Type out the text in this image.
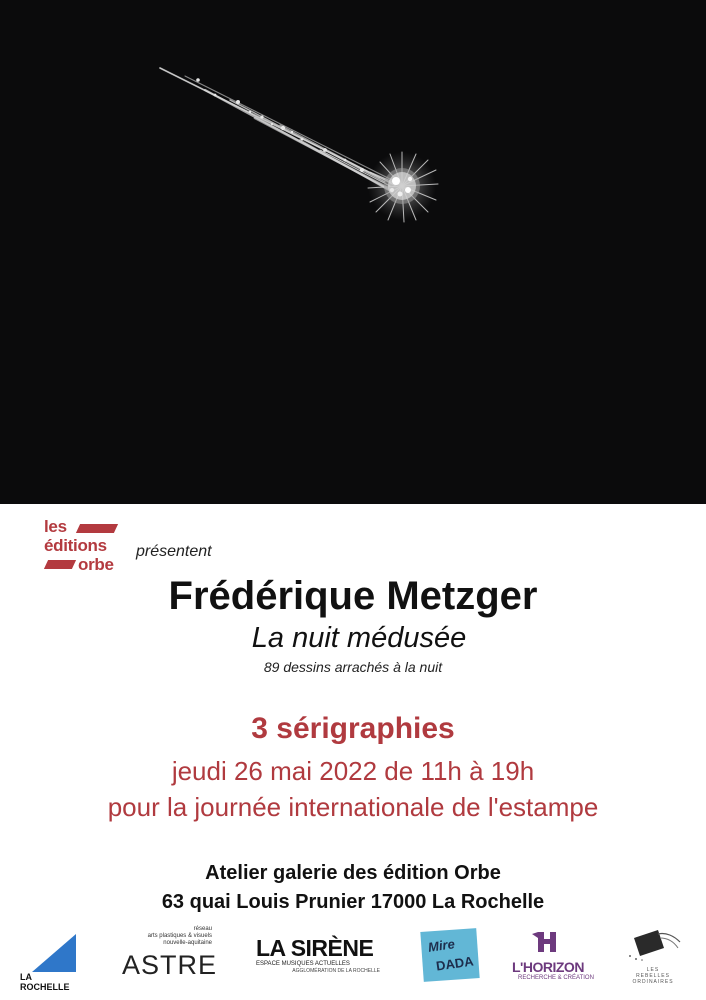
les
éditions
orbe
présentent
Frédérique Metzger
La nuit médusée
89 dessins arrachés à la nuit
3 sérigraphies
jeudi 26 mai 2022 de 11h à 19h
pour la journée internationale de l'estampe
Atelier galerie des édition Orbe
63 quai Louis Prunier 17000 La Rochelle
LA ROCHELLE
réseau
arts plastiques & visuels
nouvelle-aquitaine
ASTRE
LA SIRÈNE
ESPACE MUSIQUES ACTUELLES
AGGLOMÉRATION DE LA ROCHELLE
Mire
DADA	L'HORIZON
RECHERCHE & CRÉATION
LES
REBELLES
ORDINAIRES
